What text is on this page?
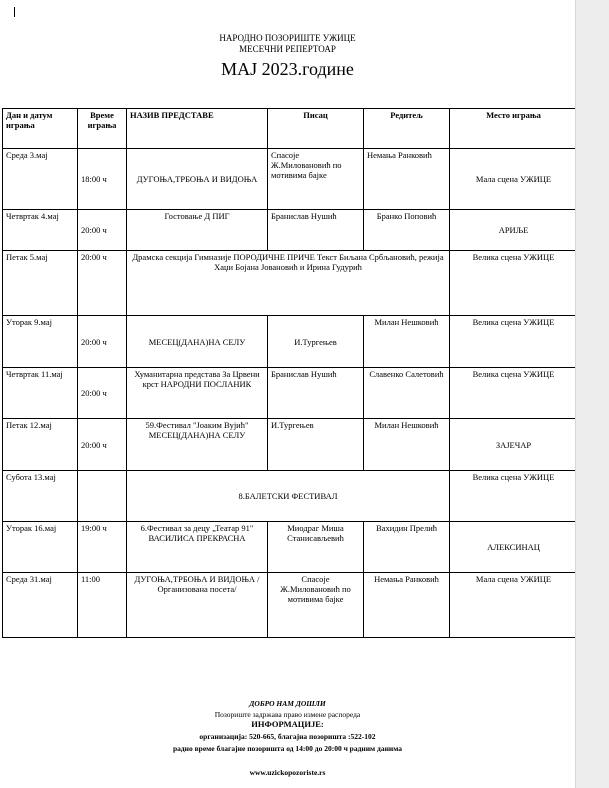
НАРОДНО ПОЗОРИШТЕ УЖИЦЕ
МЕСЕЧНИ РЕПЕРТОАР
МАЈ 2023.године
Дан и датум играња	Време играња	НАЗИВ ПРЕДСТАВЕ	Писац	Редитељ	Место играња
Среда 3.мај	18:00 ч	ДУГОЊА,ТРБОЊА И ВИДОЊА	Спасоје Ж.Миловановић по мотивима бајке	Немања Ранковић	Мала сцена УЖИЦЕ
Четвртак 4.мај	20:00 ч	Гостовање Д ПИГ	Бранислав Нушић	Бранко Поповић	АРИЉЕ
Петак 5.мај	20:00 ч	Драмска секција Гимназије ПОРОДИЧНЕ ПРИЧЕ Текст Биљана Србљановић, режија Хаџи Бојана Јовановић и Ирина Гудурић			Велика сцена УЖИЦЕ
Уторак 9.мај	20:00 ч	МЕСЕЦ(ДАНА)НА СЕЛУ	И.Тургењев	Милан Нешковић	Велика сцена УЖИЦЕ
Четвртак 11.мај	20:00 ч	Хуманитарна представа За Црвени крст НАРОДНИ ПОСЛАНИК	Бранислав Нушић	Славенко Салетовић	Велика сцена УЖИЦЕ
Петак 12.мај	20:00 ч	59.Фестивал "Јоаким Вујић" МЕСЕЦ(ДАНА)НА СЕЛУ	И.Тургењев	Милан Нешковић	ЗАЈЕЧАР
Субота 13.мај		8.БАЛЕТСКИ ФЕСТИВАЛ			Велика сцена УЖИЦЕ
Уторак 16.мај	19:00 ч	6.Фестивал за децу „Театар 91" ВАСИЛИСА ПРЕКРАСНА	Миодраг Миша Станисављевић	Вахидин Прелић	АЛЕКСИНАЦ
Среда 31.мај	11:00	ДУГОЊА,ТРБОЊА И ВИДОЊА /Организована посета/	Спасоје Ж.Миловановић по мотивима бајке	Немања Ранковић	Мала сцена УЖИЦЕ
ДОБРО НАМ ДОШЛИ
Позориште задржава право измене распореда
ИНФОРМАЦИЈЕ:
организација: 520-665, благајна позоришта :522-102
радно време благајне позоришта од 14:00 до 20:00 ч радним данима
www.uzickopozoriste.rs
